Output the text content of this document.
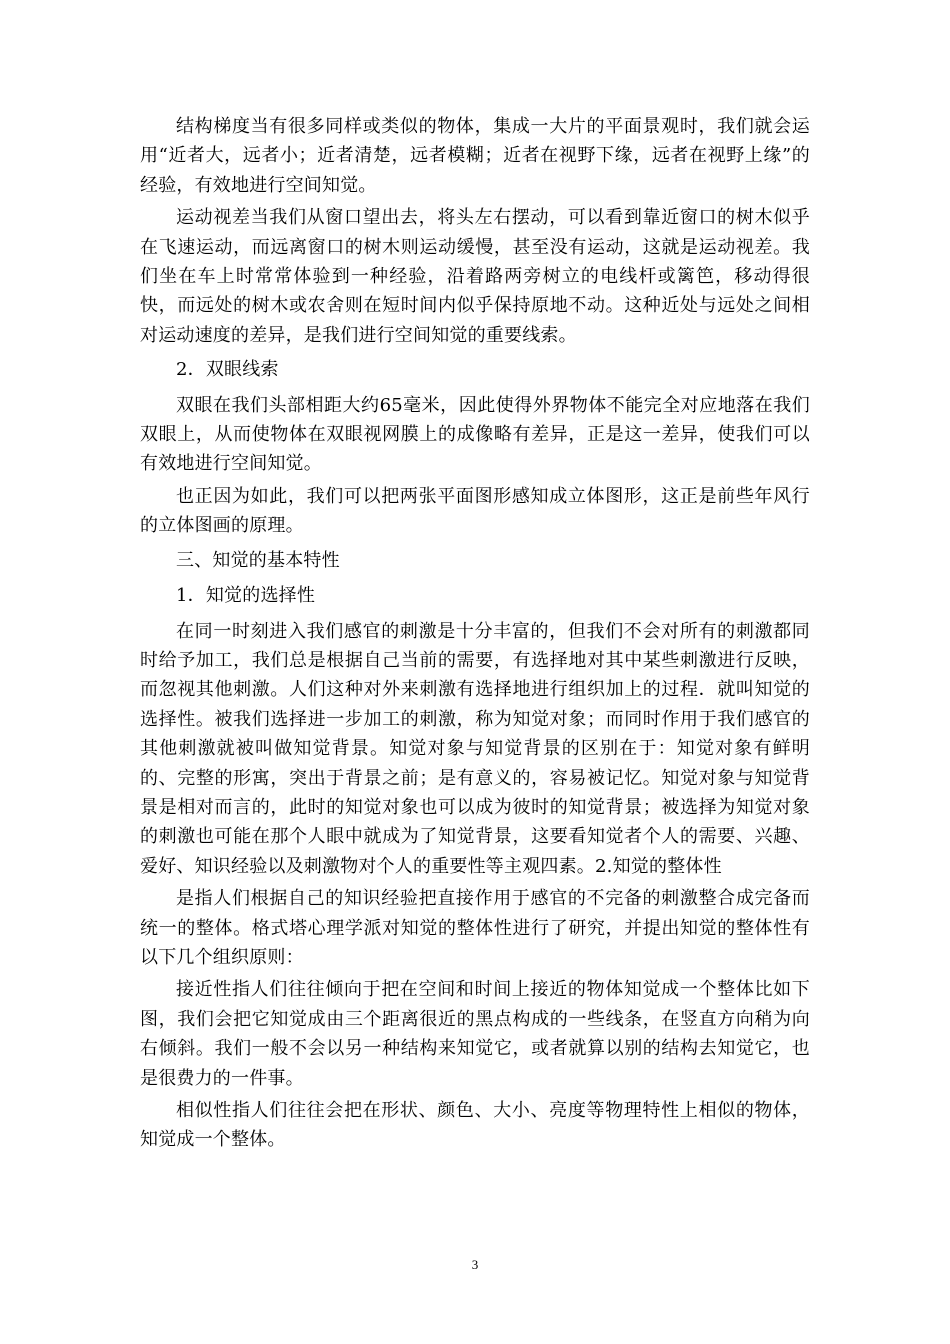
结构梯度当有很多同样或类似的物体，集成一大片的平面景观时，我们就会运用“近者大，远者小；近者清楚，远者模糊；近者在视野下缘，远者在视野上缘”的经验，有效地进行空间知觉。

运动视差当我们从窗口望出去，将头左右摆动，可以看到靠近窗口的树木似乎在飞速运动，而远离窗口的树木则运动缓慢，甚至没有运动，这就是运动视差。我们坐在车上时常常体验到一种经验，沿着路两旁树立的电线杆或篱笆，移动得很快，而远处的树木或农舍则在短时间内似乎保持原地不动。这种近处与远处之间相对运动速度的差异，是我们进行空间知觉的重要线索。

2．双眼线索

双眼在我们头部相距大约65毫米，因此使得外界物体不能完全对应地落在我们双眼上，从而使物体在双眼视网膜上的成像略有差异，正是这一差异，使我们可以有效地进行空间知觉。

也正因为如此，我们可以把两张平面图形感知成立体图形，这正是前些年风行的立体图画的原理。

三、知觉的基本特性

1．知觉的选择性

在同一时刻进入我们感官的刺激是十分丰富的，但我们不会对所有的刺激都同时给予加工，我们总是根据自己当前的需要，有选择地对其中某些刺激进行反映，而忽视其他刺激。人们这种对外来刺激有选择地进行组织加上的过程．就叫知觉的选择性。被我们选择进一步加工的刺激，称为知觉对象；而同时作用于我们感官的其他刺激就被叫做知觉背景。知觉对象与知觉背景的区别在于：知觉对象有鲜明的、完整的形寓，突出于背景之前；是有意义的，容易被记忆。知觉对象与知觉背景是相对而言的，此时的知觉对象也可以成为彼时的知觉背景；被选择为知觉对象的刺激也可能在那个人眼中就成为了知觉背景，这要看知觉者个人的需要、兴趣、爱好、知识经验以及刺激物对个人的重要性等主观四素。2.知觉的整体性

是指人们根据自己的知识经验把直接作用于感官的不完备的刺激整合成完备而统一的整体。格式塔心理学派对知觉的整体性进行了研究，并提出知觉的整体性有以下几个组织原则：

接近性指人们往往倾向于把在空间和时间上接近的物体知觉成一个整体比如下图，我们会把它知觉成由三个距离很近的黑点构成的一些线条，在竖直方向稍为向右倾斜。我们一般不会以另一种结构来知觉它，或者就算以别的结构去知觉它，也是很费力的一件事。

相似性指人们往往会把在形状、颜色、大小、亮度等物理特性上相似的物体，知觉成一个整体。

3
